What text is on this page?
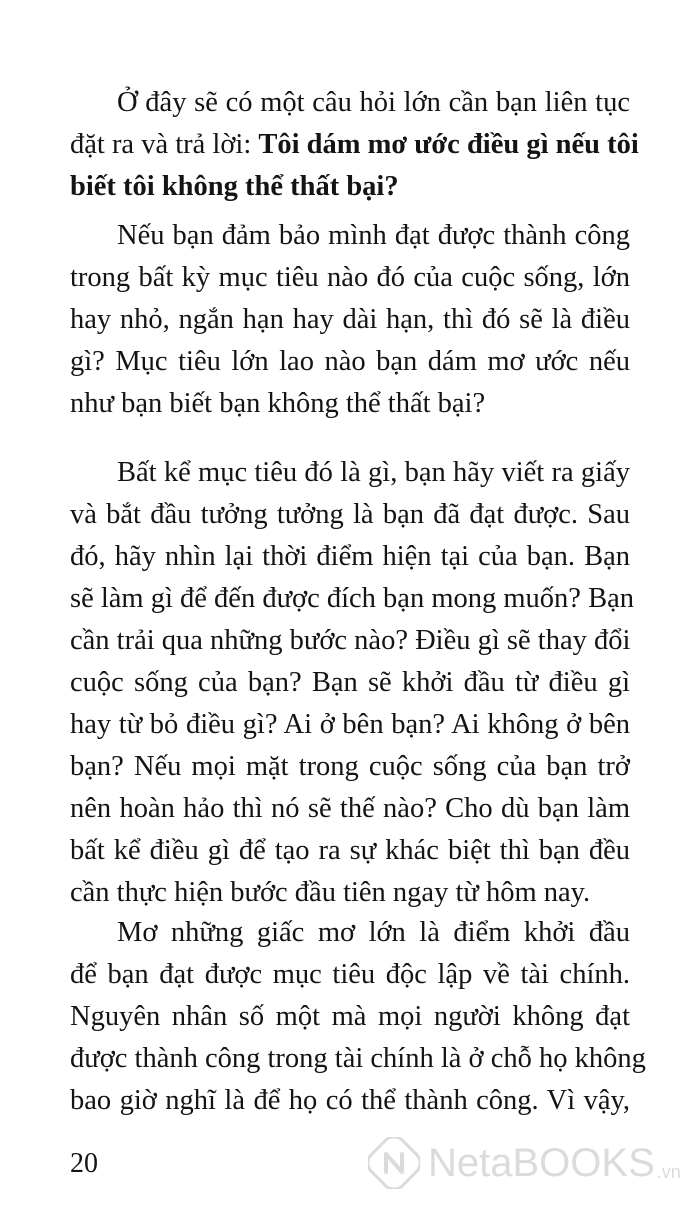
Ở đây sẽ có một câu hỏi lớn cần bạn liên tục
đặt ra và trả lời: Tôi dám mơ ước điều gì nếu tôi
biết tôi không thể thất bại?

Nếu bạn đảm bảo mình đạt được thành công
trong bất kỳ mục tiêu nào đó của cuộc sống, lớn
hay nhỏ, ngắn hạn hay dài hạn, thì đó sẽ là điều
gì? Mục tiêu lớn lao nào bạn dám mơ ước nếu
như bạn biết bạn không thể thất bại?

Bất kể mục tiêu đó là gì, bạn hãy viết ra giấy
và bắt đầu tưởng tưởng là bạn đã đạt được. Sau
đó, hãy nhìn lại thời điểm hiện tại của bạn. Bạn
sẽ làm gì để đến được đích bạn mong muốn? Bạn
cần trải qua những bước nào? Điều gì sẽ thay đổi
cuộc sống của bạn? Bạn sẽ khởi đầu từ điều gì
hay từ bỏ điều gì? Ai ở bên bạn? Ai không ở bên
bạn? Nếu mọi mặt trong cuộc sống của bạn trở
nên hoàn hảo thì nó sẽ thế nào? Cho dù bạn làm
bất kể điều gì để tạo ra sự khác biệt thì bạn đều
cần thực hiện bước đầu tiên ngay từ hôm nay.

Mơ những giấc mơ lớn là điểm khởi đầu
để bạn đạt được mục tiêu độc lập về tài chính.
Nguyên nhân số một mà mọi người không đạt
được thành công trong tài chính là ở chỗ họ không
bao giờ nghĩ là để họ có thể thành công. Vì vậy,

20	NetaBOOKS .vn
